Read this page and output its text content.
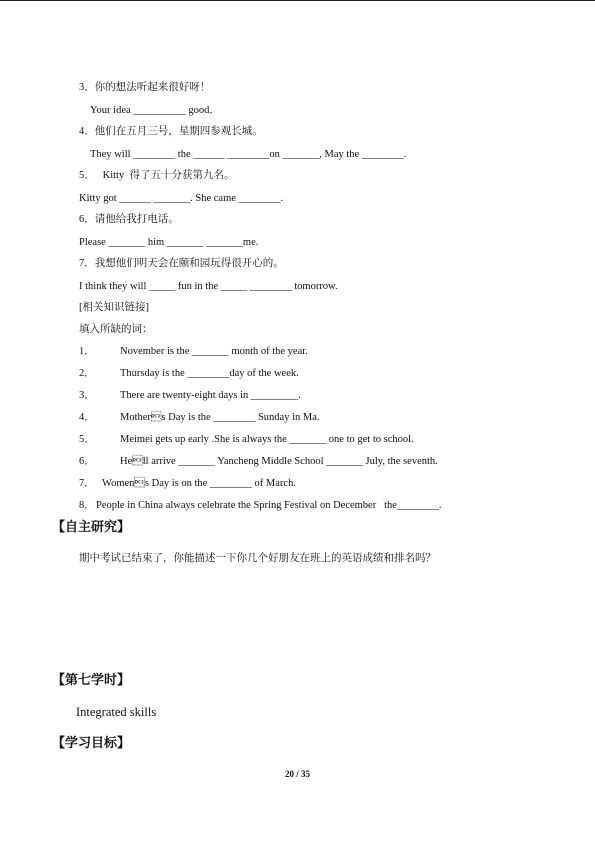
3．你的想法听起来很好呀！
Your idea __________ good．
4．他们在五月三号，星期四参观长城。
They will ________ the ______ ________on _______, May the ________.
5．   Kitty  得了五十分获第九名。
Kitty got ______ _______. She came ________.
6．请他给我打电话。
Please _______ him _______ _______me.
7．我想他们明天会在颐和园玩得很开心的。
I think they will _____ fun in the _____ ________ tomorrow.
[相关知识链接]
填入所缺的词：
1． November is the _______ month of the year.
2． Thursday is the ________day of the week.
3． There are twenty-eight days in _________.
4． Mothers Day is the ________ Sunday in Ma.
5． Meimei gets up early .She is always the _______ one to get to school.
6． Hell arrive _______ Yancheng Middle School _______ July, the seventh.
7． Womens Day is on the ________ of March.
8． People in China always celebrate the Spring Festival on December   the________.
【自主研究】
期中考试已结束了，你能描述一下你几个好朋友在班上的英语成绩和排名吗？
【第七学时】
Integrated skills
【学习目标】
20 / 35
